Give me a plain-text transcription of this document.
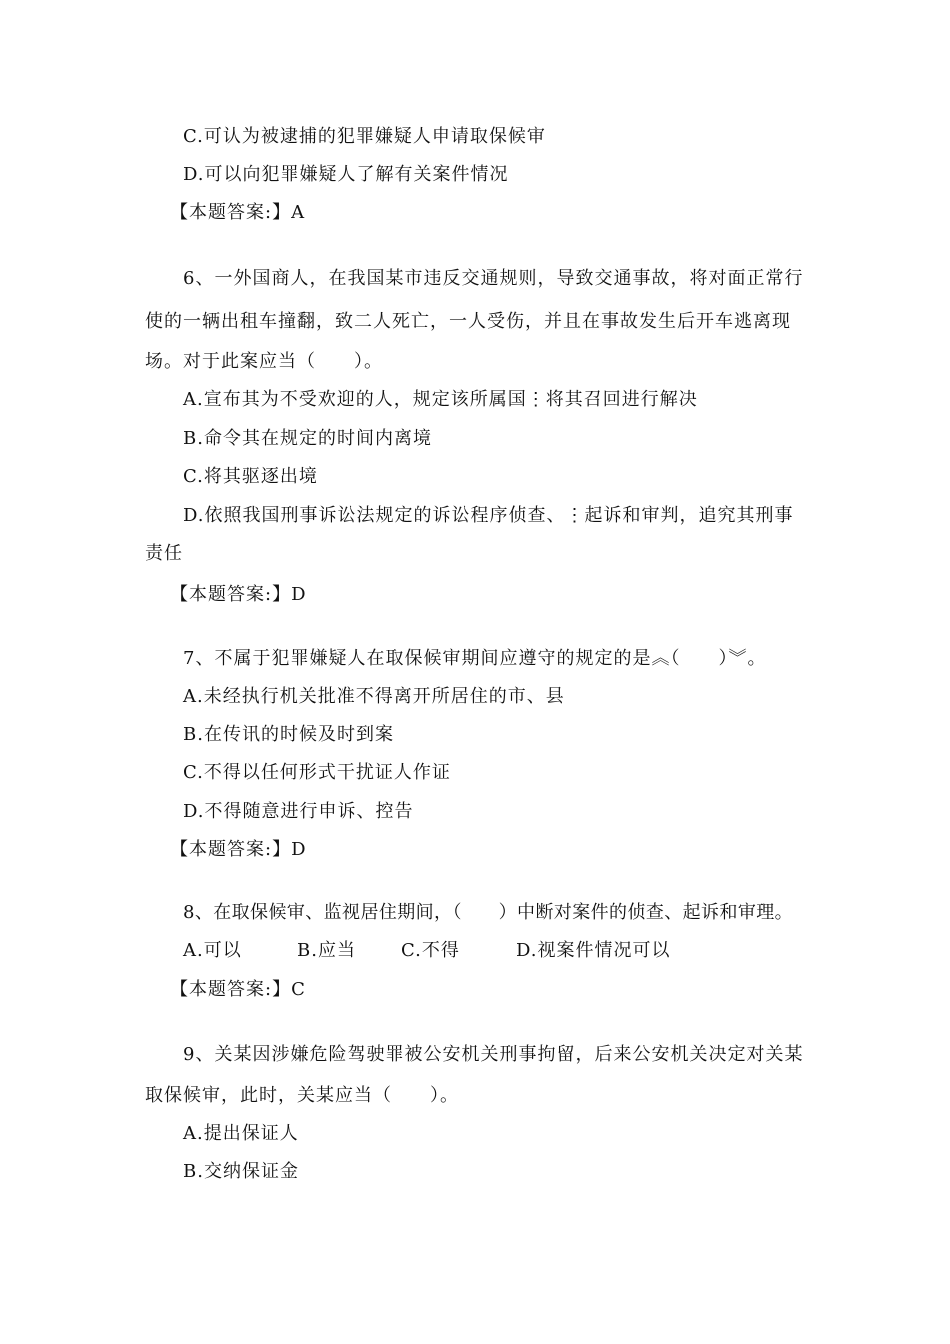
C.可认为被逮捕的犯罪嫌疑人申请取保候审
D.可以向犯罪嫌疑人了解有关案件情况
【本题答案:】A
6、一外国商人，在我国某市违反交通规则，导致交通事故，将对面正常行
使的一辆出租车撞翻，致二人死亡，一人受伤，并且在事故发生后开车逃离现
场。对于此案应当（　　）。
A.宣布其为不受欢迎的人，规定该所属国⋮将其召回进行解决
B.命令其在规定的时间内离境
C.将其驱逐出境
D.依照我国刑事诉讼法规定的诉讼程序侦查、⋮起诉和审判，追究其刑事
责任
【本题答案:】D
7、不属于犯罪嫌疑人在取保候审期间应遵守的规定的是︽（　　）︾。
A.未经执行机关批准不得离开所居住的市、县
B.在传讯的时候及时到案
C.不得以任何形式干扰证人作证
D.不得随意进行申诉、控告
【本题答案:】D
8、在取保候审、监视居住期间，（　　）中断对案件的侦查、起诉和审理。
A.可以	B.应当	C.不得	D.视案件情况可以
【本题答案:】C
9、关某因涉嫌危险驾驶罪被公安机关刑事拘留，后来公安机关决定对关某
取保候审，此时，关某应当（　　）。
A.提出保证人
B.交纳保证金
